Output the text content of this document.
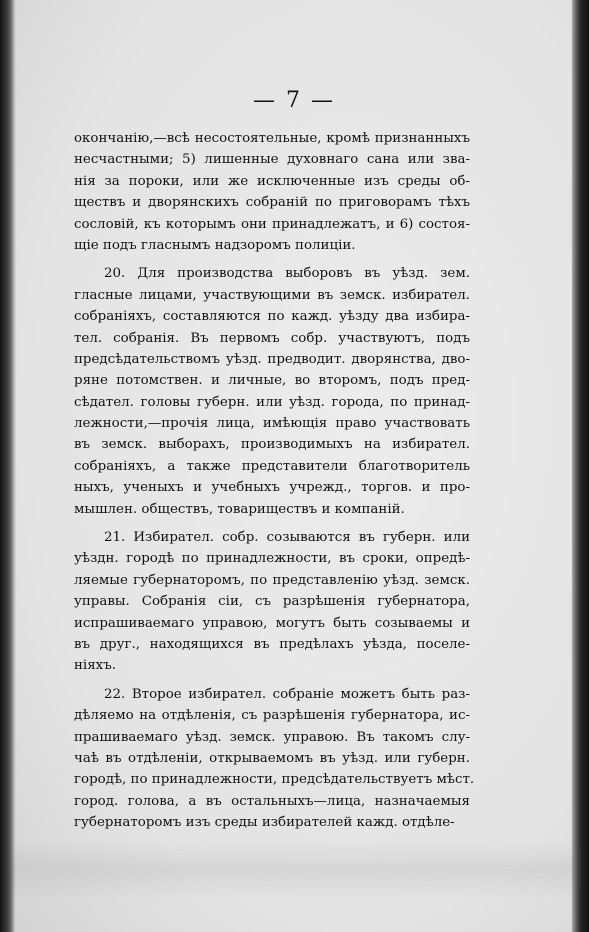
— 7 —
окончанію,—всѣ несостоятельные, кромѣ признанныхъ
несчастными; 5) лишенные духовнаго сана или зва-
нія за пороки, или же исключенные изъ среды об-
ществъ и дворянскихъ собраній по приговорамъ тѣхъ
сословій, къ которымъ они принадлежатъ, и 6) состоя-
щіе подъ гласнымъ надзоромъ полиціи.
20. Для производства выборовъ въ уѣзд. зем.
гласные лицами, участвующими въ земск. избирател.
собраніяхъ, составляются по кажд. уѣзду два избира-
тел. собранія. Въ первомъ собр. участвуютъ, подъ
предсѣдательствомъ уѣзд. предводит. дворянства, дво-
ряне потомствен. и личные, во второмъ, подъ пред-
сѣдател. головы губерн. или уѣзд. города, по принад-
лежности,—прочія лица, имѣющія право участвовать
въ земск. выборахъ, производимыхъ на избирател.
собраніяхъ, а также представители благотворитель
ныхъ, ученыхъ и учебныхъ учрежд., торгов. и про-
мышлен. обществъ, товариществъ и компаній.
21. Избирател. собр. созываются въ губерн. или
уѣздн. городѣ по принадлежности, въ сроки, опредѣ-
ляемые губернаторомъ, по представленію уѣзд. земск.
управы. Собранія сіи, съ разрѣшенія губернатора,
испрашиваемаго управою, могутъ быть созываемы и
въ друг., находящихся въ предѣлахъ уѣзда, поселе-
ніяхъ.
22. Второе избирател. собраніе можетъ быть раз-
дѣляемо на отдѣленія, съ разрѣшенія губернатора, ис-
прашиваемаго уѣзд. земск. управою. Въ такомъ слу-
чаѣ въ отдѣленіи, открываемомъ въ уѣзд. или губерн.
городѣ, по принадлежности, предсѣдательствуетъ мѣст.
город. голова, а въ остальныхъ—лица, назначаемыя
губернаторомъ изъ среды избирателей кажд. отдѣле-
